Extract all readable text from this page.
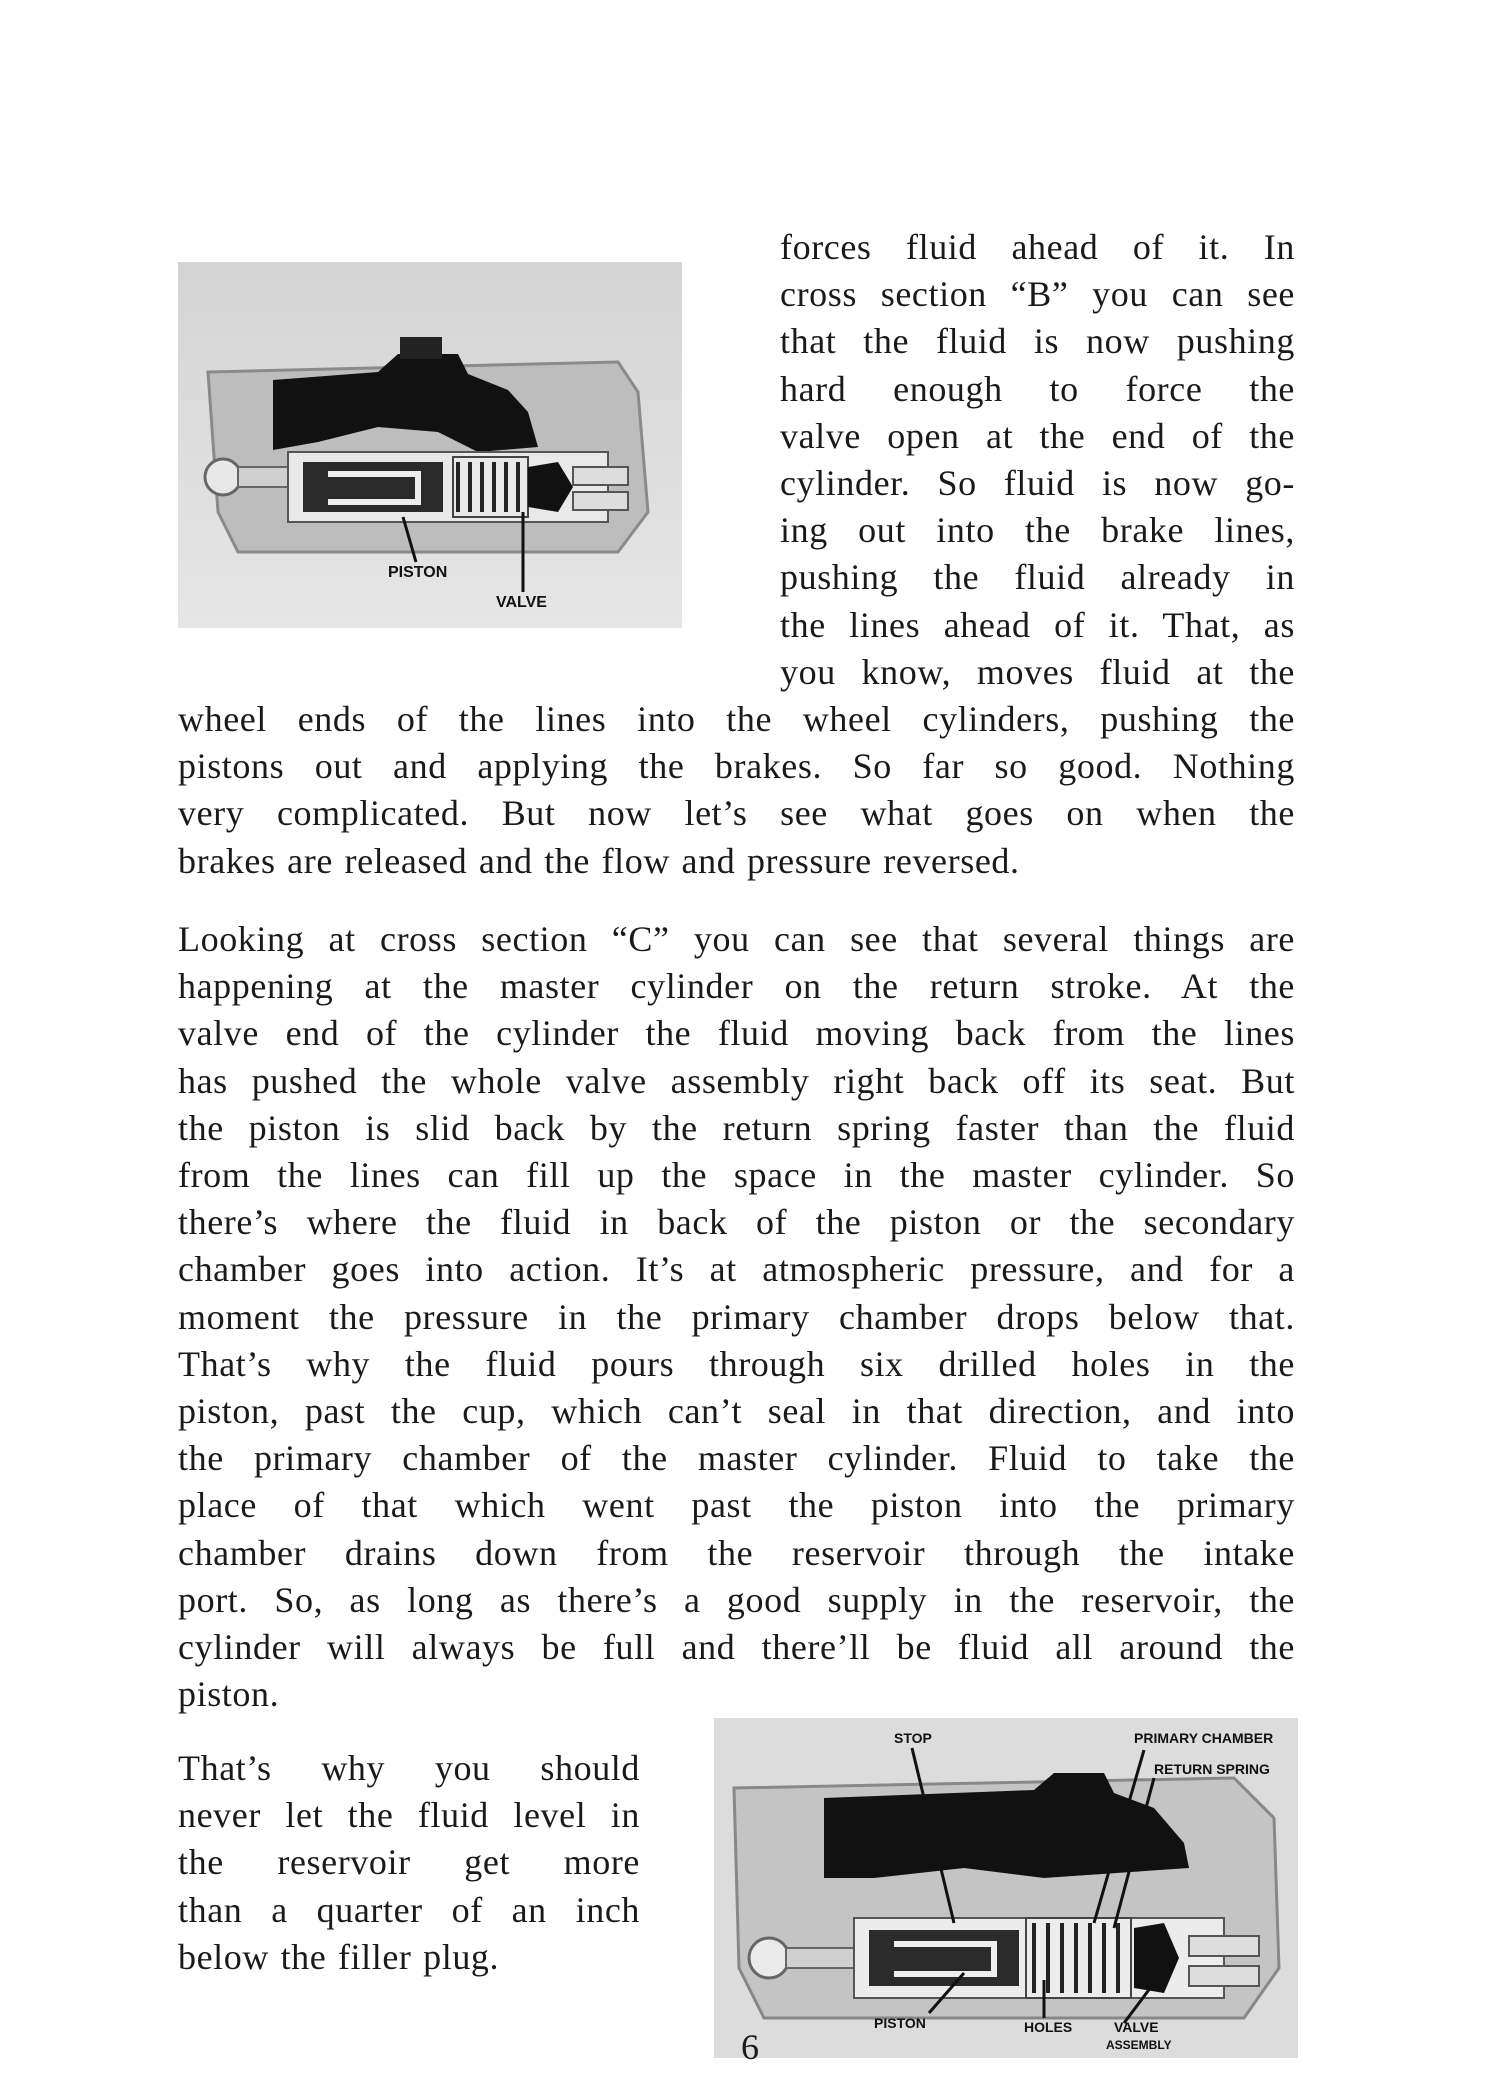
PISTON
VALVE

forces fluid ahead of it. In
cross section “B” you can see
that the fluid is now pushing
hard enough to force the
valve open at the end of the
cylinder. So fluid is now go-
ing out into the brake lines,
pushing the fluid already in
the lines ahead of it. That, as
you know, moves fluid at the

wheel ends of the lines into the wheel cylinders, pushing the
pistons out and applying the brakes. So far so good. Nothing
very complicated. But now let’s see what goes on when the
brakes are released and the flow and pressure reversed.

Looking at cross section “C” you can see that several things are
happening at the master cylinder on the return stroke. At the
valve end of the cylinder the fluid moving back from the lines
has pushed the whole valve assembly right back off its seat. But
the piston is slid back by the return spring faster than the fluid
from the lines can fill up the space in the master cylinder. So
there’s where the fluid in back of the piston or the secondary
chamber goes into action. It’s at atmospheric pressure, and for a
moment the pressure in the primary chamber drops below that.
That’s why the fluid pours through six drilled holes in the
piston, past the cup, which can’t seal in that direction, and into
the primary chamber of the master cylinder. Fluid to take the
place of that which went past the piston into the primary
chamber drains down from the reservoir through the intake
port. So, as long as there’s a good supply in the reservoir, the
cylinder will always be full and there’ll be fluid all around the
piston.

That’s why you should
never let the fluid level in
the reservoir get more
than a quarter of an inch
below the filler plug.

STOP	PRIMARY CHAMBER
RETURN SPRING
PISTON	HOLES	VALVE
ASSEMBLY
6
